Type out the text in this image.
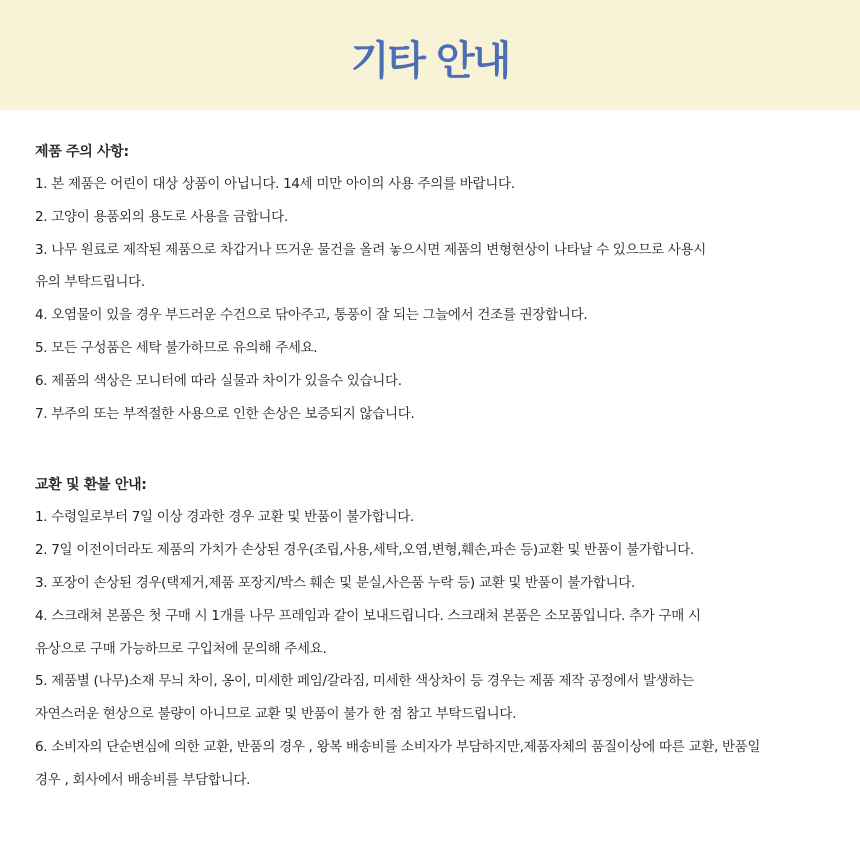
기타 안내

제품 주의 사항:

1. 본 제품은 어린이 대상 상품이 아닙니다. 14세 미만 아이의 사용 주의를 바랍니다.

2. 고양이 용품외의 용도로 사용을 금합니다.

3. 나무 원료로 제작된 제품으로 차갑거나 뜨거운 물건을 올려 놓으시면 제품의 변형현상이 나타날 수 있으므로 사용시

유의 부탁드립니다.

4. 오염물이 있을 경우 부드러운 수건으로 닦아주고, 통풍이 잘 되는 그늘에서 건조를 권장합니다.

5. 모든 구성품은 세탁 불가하므로 유의해 주세요.

6. 제품의 색상은 모니터에 따라 실물과 차이가 있을수 있습니다.

7. 부주의 또는 부적절한 사용으로 인한 손상은 보증되지 않습니다.

교환 및 환불 안내:

1. 수령일로부터 7일 이상 경과한 경우 교환 및 반품이 불가합니다.

2. 7일 이전이더라도 제품의 가치가 손상된 경우(조립,사용,세탁,오염,변형,훼손,파손 등)교환 및 반품이 불가합니다.

3. 포장이 손상된 경우(택제거,제품 포장지/박스 훼손 및 분실,사은품 누락 등) 교환 및 반품이 불가합니다.

4. 스크래쳐 본품은 첫 구매 시 1개를 나무 프레임과 같이 보내드립니다. 스크래쳐 본품은 소모품입니다. 추가 구매 시

유상으로 구매 가능하므로 구입처에 문의해 주세요.

5. 제품별 (나무)소재 무늬 차이, 옹이, 미세한 페임/갈라짐, 미세한 색상차이 등 경우는 제품 제작 공정에서 발생하는

자연스러운 현상으로 불량이 아니므로 교환 및 반품이 불가 한 점 참고 부탁드립니다.

6. 소비자의 단순변심에 의한 교환, 반품의 경우 , 왕복 배송비를 소비자가 부담하지만,제품자체의 품질이상에 따른 교환, 반품일

경우 , 회사에서 배송비를 부담합니다.
